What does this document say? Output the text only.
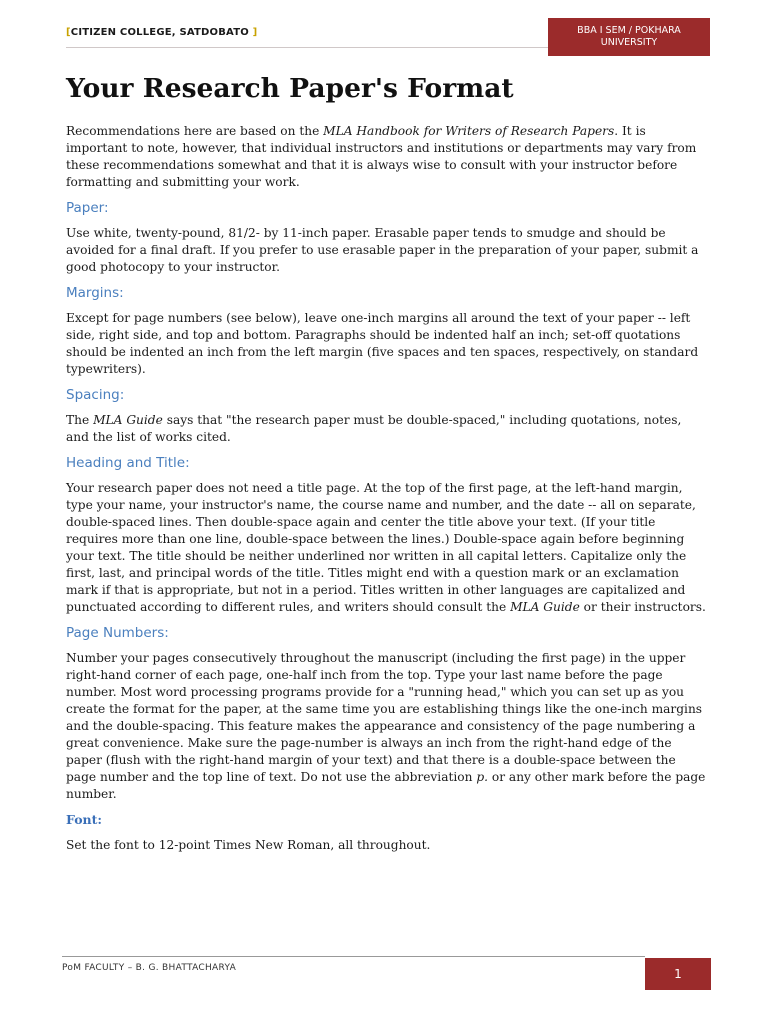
[CITIZEN COLLEGE, SATDOBATO ]	BBA I SEM / POKHARA
UNIVERSITY
Your Research Paper's Format

Recommendations here are based on the MLA Handbook for Writers of Research Papers. It is important to note, however, that individual instructors and institutions or departments may vary from these recommendations somewhat and that it is always wise to consult with your instructor before formatting and submitting your work.

Paper:

Use white, twenty-pound, 81/2- by 11-inch paper. Erasable paper tends to smudge and should be avoided for a final draft. If you prefer to use erasable paper in the preparation of your paper, submit a good photocopy to your instructor.

Margins:

Except for page numbers (see below), leave one-inch margins all around the text of your paper -- left side, right side, and top and bottom. Paragraphs should be indented half an inch; set-off quotations should be indented an inch from the left margin (five spaces and ten spaces, respectively, on standard typewriters).

Spacing:

The MLA Guide says that "the research paper must be double-spaced," including quotations, notes, and the list of works cited.

Heading and Title:

Your research paper does not need a title page. At the top of the first page, at the left-hand margin, type your name, your instructor's name, the course name and number, and the date -- all on separate, double-spaced lines. Then double-space again and center the title above your text. (If your title requires more than one line, double-space between the lines.) Double-space again before beginning your text. The title should be neither underlined nor written in all capital letters. Capitalize only the first, last, and principal words of the title. Titles might end with a question mark or an exclamation mark if that is appropriate, but not in a period. Titles written in other languages are capitalized and punctuated according to different rules, and writers should consult the MLA Guide or their instructors.

Page Numbers:

Number your pages consecutively throughout the manuscript (including the first page) in the upper right-hand corner of each page, one-half inch from the top. Type your last name before the page number. Most word processing programs provide for a "running head," which you can set up as you create the format for the paper, at the same time you are establishing things like the one-inch margins and the double-spacing. This feature makes the appearance and consistency of the page numbering a great convenience. Make sure the page-number is always an inch from the right-hand edge of the paper (flush with the right-hand margin of your text) and that there is a double-space between the page number and the top line of text. Do not use the abbreviation p. or any other mark before the page number.

Font:

Set the font to 12-point Times New Roman, all throughout.

PoM FACULTY – B. G. BHATTACHARYA	1
